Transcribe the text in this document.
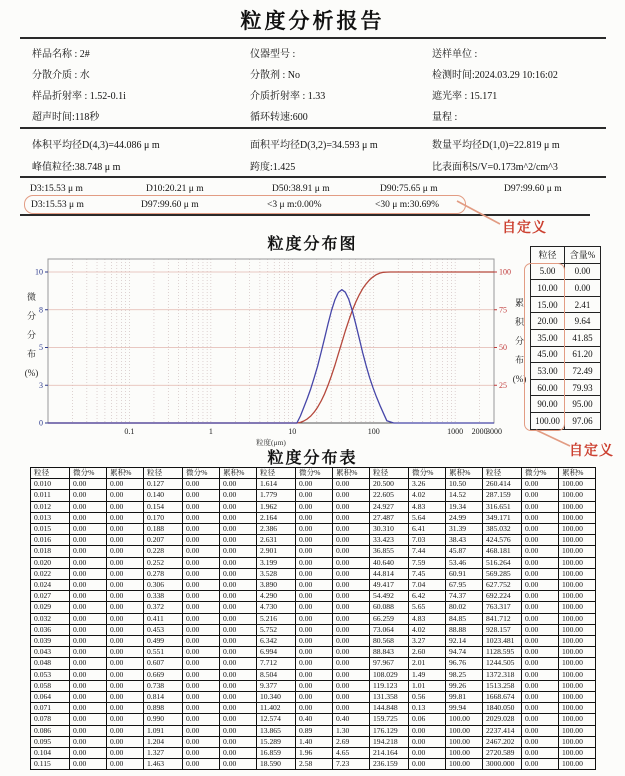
粒度分析报告
样品名称 : 2#	仪器型号 :	送样单位 :
分散介质 : 水	分散剂 : No	检测时间:2024.03.29 10:16:02
样品折射率 : 1.52-0.1i	介质折射率 : 1.33	遮光率 : 15.171
超声时间:118秒	循环转速:600	量程 :
体积平均径D(4,3)=44.086 μ m	面积平均径D(3,2)=34.593 μ m	数量平均径D(1,0)=22.819 μ m
峰值粒径:38.748 μ m	跨度:1.425	比表面积S/V=0.173m^2/cm^3
D3:15.53 μ m	D10:20.21 μ m	D50:38.91 μ m	D90:75.65 μ m	D97:99.60 μ m
D3:15.53 μ m	D97:99.60 μ m	<3 μ m:0.00%	<30 μ m:30.69%
自定义
粒度分布图
0
3
5
8
10
25
50
75
100
0.1	1	10	100	1000 2000
3000
粒度(μm)
微
分
分
布
(%)
累
积
分
布
(%)
粒径	含量%
5.00	0.00
10.00	0.00
15.00	2.41
20.00	9.64
35.00	41.85
45.00	61.20
53.00	72.49
60.00	79.93
90.00	95.00
100.00	97.06
自定义
粒度分布表
粒径	微分%	累积%	粒径	微分%	累积%	粒径	微分%	累积%	粒径	微分%	累积%	粒径	微分%	累积%
0.010	0.00	0.00	0.127	0.00	0.00	1.614	0.00	0.00	20.500	3.26	10.50	260.414	0.00	100.00
0.011	0.00	0.00	0.140	0.00	0.00	1.779	0.00	0.00	22.605	4.02	14.52	287.159	0.00	100.00
0.012	0.00	0.00	0.154	0.00	0.00	1.962	0.00	0.00	24.927	4.83	19.34	316.651	0.00	100.00
0.013	0.00	0.00	0.170	0.00	0.00	2.164	0.00	0.00	27.487	5.64	24.99	349.171	0.00	100.00
0.015	0.00	0.00	0.188	0.00	0.00	2.386	0.00	0.00	30.310	6.41	31.39	385.032	0.00	100.00
0.016	0.00	0.00	0.207	0.00	0.00	2.631	0.00	0.00	33.423	7.03	38.43	424.576	0.00	100.00
0.018	0.00	0.00	0.228	0.00	0.00	2.901	0.00	0.00	36.855	7.44	45.87	468.181	0.00	100.00
0.020	0.00	0.00	0.252	0.00	0.00	3.199	0.00	0.00	40.640	7.59	53.46	516.264	0.00	100.00
0.022	0.00	0.00	0.278	0.00	0.00	3.528	0.00	0.00	44.814	7.45	60.91	569.285	0.00	100.00
0.024	0.00	0.00	0.306	0.00	0.00	3.890	0.00	0.00	49.417	7.04	67.95	627.752	0.00	100.00
0.027	0.00	0.00	0.338	0.00	0.00	4.290	0.00	0.00	54.492	6.42	74.37	692.224	0.00	100.00
0.029	0.00	0.00	0.372	0.00	0.00	4.730	0.00	0.00	60.088	5.65	80.02	763.317	0.00	100.00
0.032	0.00	0.00	0.411	0.00	0.00	5.216	0.00	0.00	66.259	4.83	84.85	841.712	0.00	100.00
0.036	0.00	0.00	0.453	0.00	0.00	5.752	0.00	0.00	73.064	4.02	88.88	928.157	0.00	100.00
0.039	0.00	0.00	0.499	0.00	0.00	6.342	0.00	0.00	80.568	3.27	92.14	1023.481	0.00	100.00
0.043	0.00	0.00	0.551	0.00	0.00	6.994	0.00	0.00	88.843	2.60	94.74	1128.595	0.00	100.00
0.048	0.00	0.00	0.607	0.00	0.00	7.712	0.00	0.00	97.967	2.01	96.76	1244.505	0.00	100.00
0.053	0.00	0.00	0.669	0.00	0.00	8.504	0.00	0.00	108.029	1.49	98.25	1372.318	0.00	100.00
0.058	0.00	0.00	0.738	0.00	0.00	9.377	0.00	0.00	119.123	1.01	99.26	1513.258	0.00	100.00
0.064	0.00	0.00	0.814	0.00	0.00	10.340	0.00	0.00	131.358	0.56	99.81	1668.674	0.00	100.00
0.071	0.00	0.00	0.898	0.00	0.00	11.402	0.00	0.00	144.848	0.13	99.94	1840.050	0.00	100.00
0.078	0.00	0.00	0.990	0.00	0.00	12.574	0.40	0.40	159.725	0.06	100.00	2029.028	0.00	100.00
0.086	0.00	0.00	1.091	0.00	0.00	13.865	0.89	1.30	176.129	0.00	100.00	2237.414	0.00	100.00
0.095	0.00	0.00	1.204	0.00	0.00	15.289	1.40	2.69	194.218	0.00	100.00	2467.202	0.00	100.00
0.104	0.00	0.00	1.327	0.00	0.00	16.859	1.96	4.65	214.164	0.00	100.00	2720.589	0.00	100.00
0.115	0.00	0.00	1.463	0.00	0.00	18.590	2.58	7.23	236.159	0.00	100.00	3000.000	0.00	100.00
